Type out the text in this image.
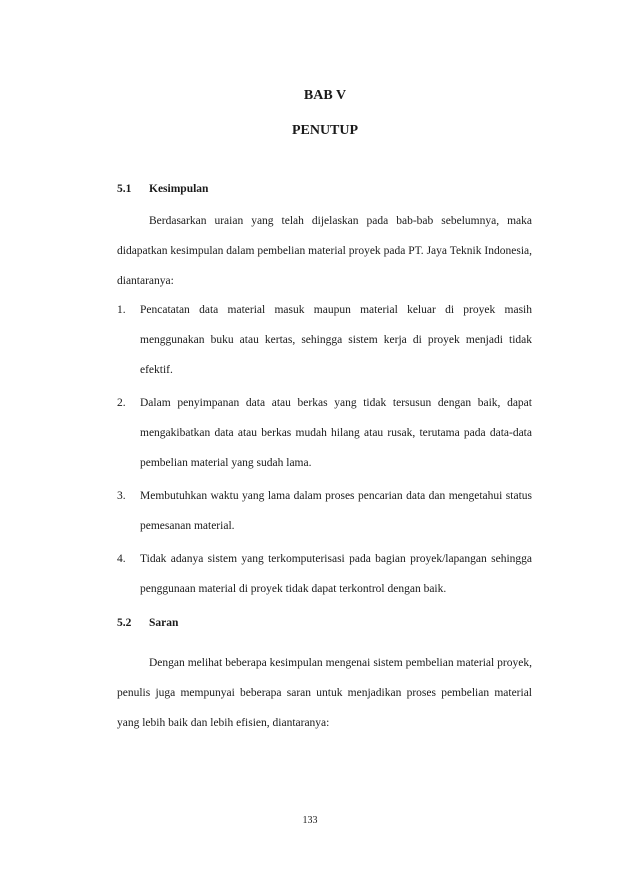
BAB V
PENUTUP
5.1	Kesimpulan

Berdasarkan uraian yang telah dijelaskan pada bab-bab sebelumnya, maka didapatkan kesimpulan dalam pembelian material proyek pada PT. Jaya Teknik Indonesia, diantaranya:

1.	Pencatatan data material masuk maupun material keluar di proyek masih menggunakan buku atau kertas, sehingga sistem kerja di proyek menjadi tidak efektif.
2.	Dalam penyimpanan data atau berkas yang tidak tersusun dengan baik, dapat mengakibatkan data atau berkas mudah hilang atau rusak, terutama pada data-data pembelian material yang sudah lama.
3.	Membutuhkan waktu yang lama dalam proses pencarian data dan mengetahui status pemesanan material.
4.	Tidak adanya sistem yang terkomputerisasi pada bagian proyek/lapangan sehingga penggunaan material di proyek tidak dapat terkontrol dengan baik.
5.2	Saran

Dengan melihat beberapa kesimpulan mengenai sistem pembelian material proyek, penulis juga mempunyai beberapa saran untuk menjadikan proses pembelian material yang lebih baik dan lebih efisien, diantaranya:

133
